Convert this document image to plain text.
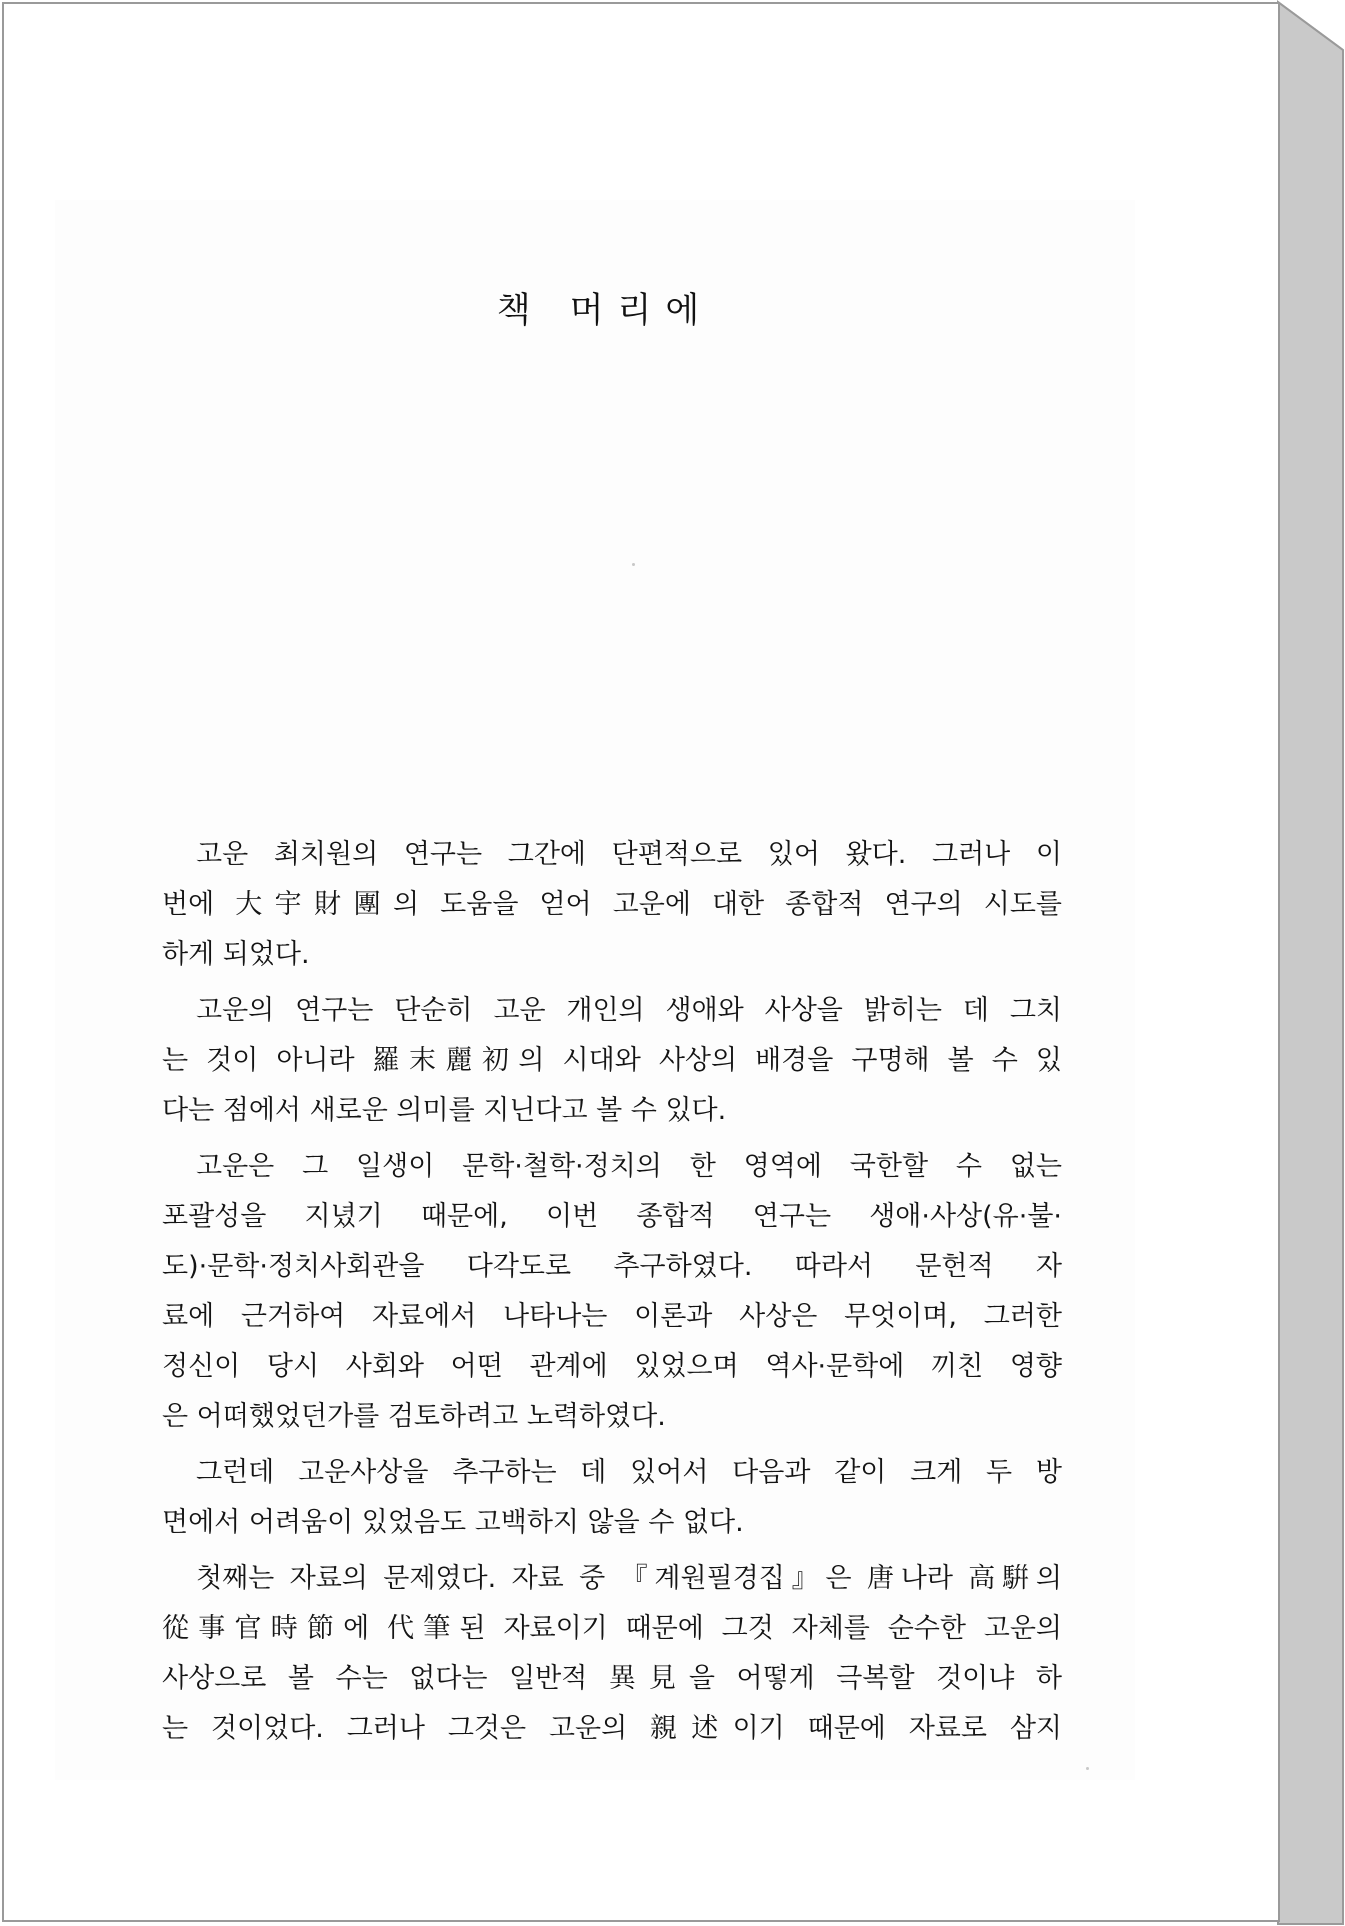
책 머리에
고운 최치원의 연구는 그간에 단편적으로 있어 왔다. 그러나 이
번에 大宇財團의 도움을 얻어 고운에 대한 종합적 연구의 시도를
하게 되었다.
고운의 연구는 단순히 고운 개인의 생애와 사상을 밝히는 데 그치
는 것이 아니라 羅末麗初의 시대와 사상의 배경을 구명해 볼 수 있
다는 점에서 새로운 의미를 지닌다고 볼 수 있다.
고운은 그 일생이 문학·철학·정치의 한 영역에 국한할 수 없는
포괄성을 지녔기 때문에, 이번 종합적 연구는 생애·사상(유·불·
도)·문학·정치사회관을 다각도로 추구하였다. 따라서 문헌적 자
료에 근거하여 자료에서 나타나는 이론과 사상은 무엇이며, 그러한
정신이 당시 사회와 어떤 관계에 있었으며 역사·문학에 끼친 영향
은 어떠했었던가를 검토하려고 노력하였다.
그런데 고운사상을 추구하는 데 있어서 다음과 같이 크게 두 방
면에서 어려움이 있었음도 고백하지 않을 수 없다.
첫째는 자료의 문제였다. 자료 중 『계원필경집』은 唐나라 高騈의
從事官時節에 代筆된 자료이기 때문에 그것 자체를 순수한 고운의
사상으로 볼 수는 없다는 일반적 異見을 어떻게 극복할 것이냐 하
는 것이었다. 그러나 그것은 고운의 親述이기 때문에 자료로 삼지
